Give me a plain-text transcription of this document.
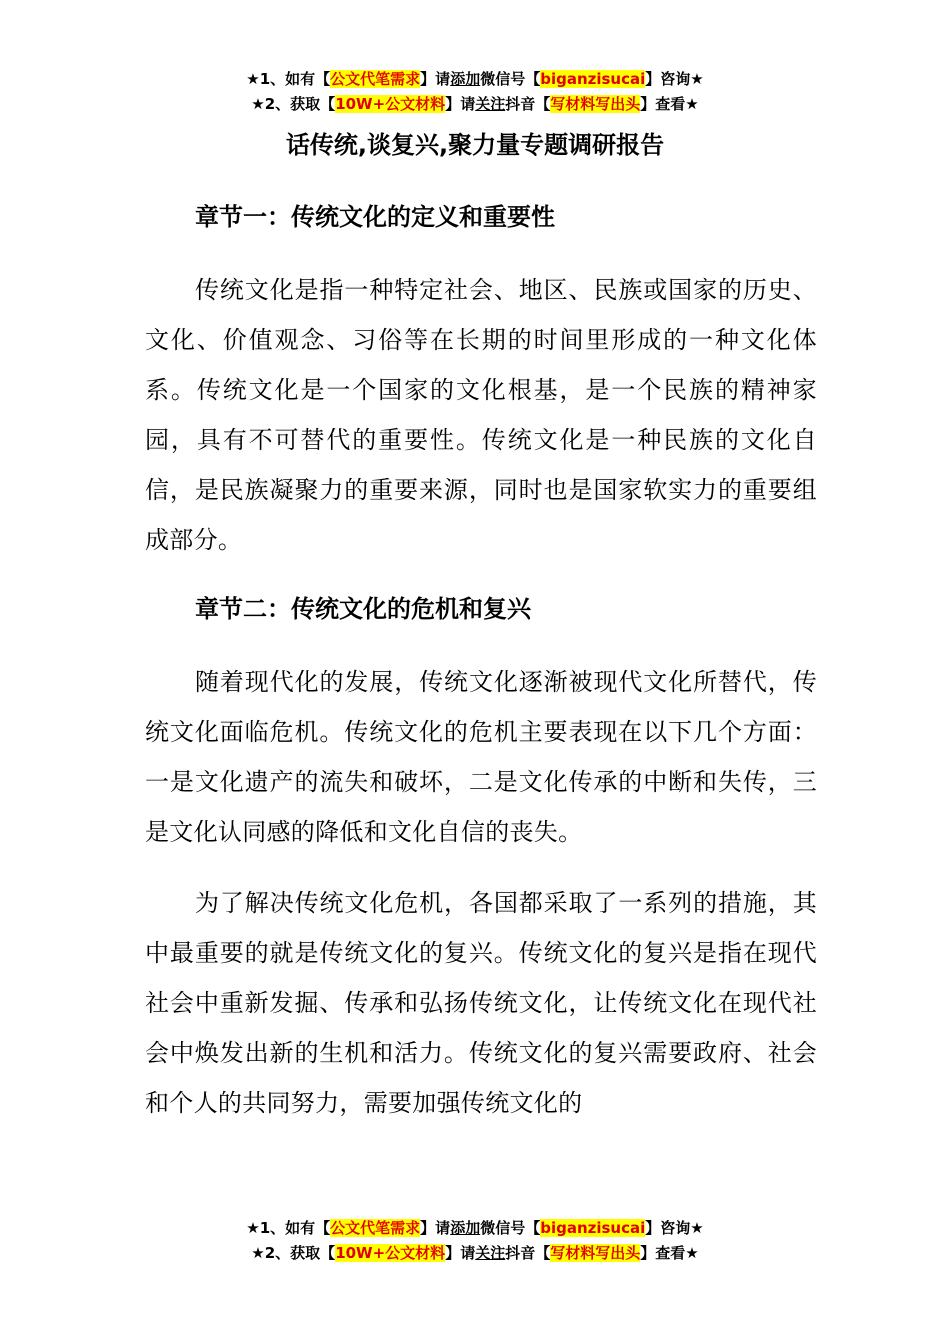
★1、如有【公文代笔需求】请添加微信号【biganzisucai】咨询★
★2、获取【10W+公文材料】请关注抖音【写材料写出头】查看★
话传统,谈复兴,聚力量专题调研报告
章节一：传统文化的定义和重要性
传统文化是指一种特定社会、地区、民族或国家的历史、文化、价值观念、习俗等在长期的时间里形成的一种文化体系。传统文化是一个国家的文化根基，是一个民族的精神家园，具有不可替代的重要性。传统文化是一种民族的文化自信，是民族凝聚力的重要来源，同时也是国家软实力的重要组成部分。
章节二：传统文化的危机和复兴
随着现代化的发展，传统文化逐渐被现代文化所替代，传统文化面临危机。传统文化的危机主要表现在以下几个方面：一是文化遗产的流失和破坏，二是文化传承的中断和失传，三是文化认同感的降低和文化自信的丧失。
为了解决传统文化危机，各国都采取了一系列的措施，其中最重要的就是传统文化的复兴。传统文化的复兴是指在现代社会中重新发掘、传承和弘扬传统文化，让传统文化在现代社会中焕发出新的生机和活力。传统文化的复兴需要政府、社会和个人的共同努力，需要加强传统文化的
★1、如有【公文代笔需求】请添加微信号【biganzisucai】咨询★
★2、获取【10W+公文材料】请关注抖音【写材料写出头】查看★
